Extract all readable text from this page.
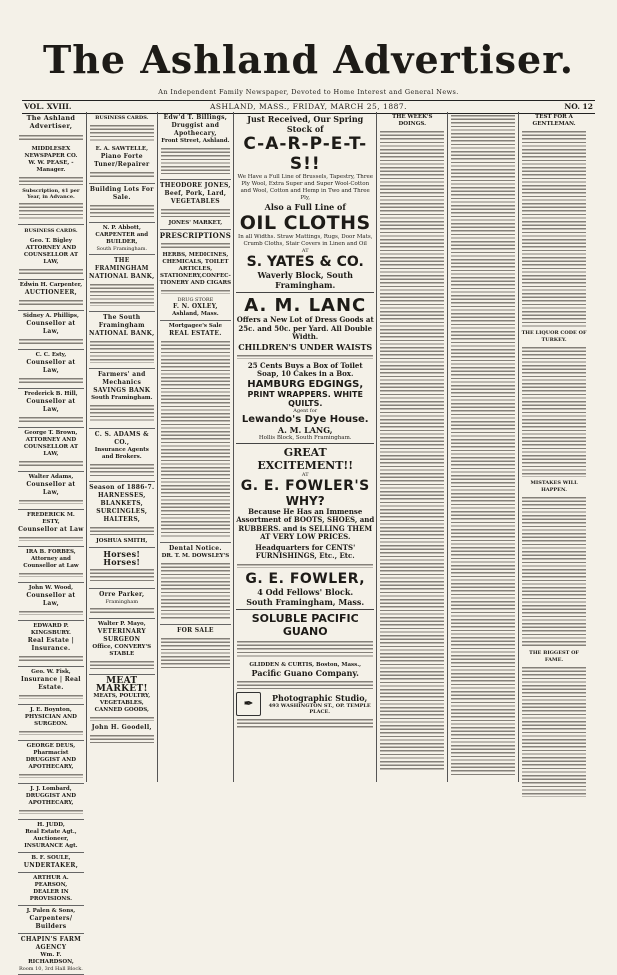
The Ashland Advertiser.
An Independent Family Newspaper, Devoted to Home Interest and General News.
VOL. XVIII.	ASHLAND, MASS., FRIDAY, MARCH 25, 1887.	NO. 12
The Ashland Advertiser,
MIDDLESEX NEWSPAPER CO.
W. W. PEASE, - Manager.
Subscription, $1 per Year, in Advance.
BUSINESS CARDS.
Geo. T. Bigley
ATTORNEY AND COUNSELLOR AT LAW,
Edwin H. Carpenter,
AUCTIONEER,
Sidney A. Phillips,
Counsellor at Law,
C. C. Esty,
Counsellor at Law,
Frederick B. Hill,
Counsellor at Law,
George T. Brown,
ATTORNEY AND COUNSELLOR AT LAW,
Walter Adams,
Counsellor at Law,
FREDERICK M. ESTY,
Counsellor at Law
IRA B. FORBES,
Attorney and Counsellor at Law
John W. Wood,
Counsellor at Law,
EDWARD P. KINGSBURY.
Real Estate | Insurance.
Geo. W. Fisk,
Insurance | Real Estate.
J. E. Boynton,
PHYSICIAN AND SURGEON.
GEORGE DEUS, Pharmacist
DRUGGIST AND APOTHECARY,
J. J. Lombard,
DRUGGIST AND APOTHECARY,
H. JUDD,
Real Estate Agt., Auctioneer,
INSURANCE Agt.
B. F. SOULE,
UNDERTAKER,
ARTHUR A. PEARSON,
DEALER IN PROVISIONS.
J. Palen & Sons,
Carpenters/ Builders
CHAPIN'S FARM AGENCY
Wm. F. RICHARDSON,
Room 10, 3rd Hall Block.
BUSINESS CARDS.
E. A. SAWTELLE,
Piano Forte Tuner/Repairer
Building Lots For Sale.
N. P. Abbott,
CARPENTER and BUILDER,
South Framingham.
THE FRAMINGHAM NATIONAL BANK,
The South Framingham NATIONAL BANK,
Farmers' and Mechanics SAVINGS BANK
South Framingham.
C. S. ADAMS & CO.,
Insurance Agents and Brokers.
Season of 1886-7.
HARNESSES, BLANKETS,
SURCINGLES, HALTERS,
JOSHUA SMITH,
Horses! Horses!
Orre Parker,
Framingham
Walter P. Mayo,
VETERINARY SURGEON
Office, CONVERY'S STABLE
MEAT MARKET!
MEATS, POULTRY,
VEGETABLES, CANNED GOODS,
John H. Goodell,
Edw'd T. Billings,
Druggist and Apothecary,
Front Street, Ashland.
THEODORE JONES,
Beef, Pork, Lard,
VEGETABLES
JONES' MARKET,
PRESCRIPTIONS
HERBS, MEDICINES, CHEMICALS, TOILET ARTICLES,
STATIONERY,CONFEC- TIONERY AND CIGARS
DRUG STORE
F. N. OXLEY,
Ashland, Mass.
Mortgagee's Sale
REAL ESTATE.
Dental Notice.
DR. T. M. DOWSLEY'S
FOR SALE
Just Received, Our Spring Stock of
C-A-R-P-E-T-S!!
We Have a Full Line of Brussels, Tapestry, Three Ply Wool, Extra Super and Super Wool-Cotton and Wool, Cotton and Hemp in Two and Three Ply,
Also a Full Line of
OIL CLOTHS
In all Widths. Straw Mattings, Rugs, Door Mats, Crumb Cloths, Stair Covers in Linen and Oil
AT
S. YATES & CO.
Waverly Block, South Framingham.
A. M. LANC
Offers a New Lot of Dress Goods at 25c. and 50c. per Yard. All Double Width.
CHILDREN'S UNDER WAISTS
25 Cents Buys a Box of Toilet Soap, 10 Cakes in a Box.
HAMBURG EDGINGS,
PRINT WRAPPERS. WHITE QUILTS.
Agent for
Lewando's Dye House.
A. M. LANG,
Hollis Block, South Framingham.
GREAT EXCITEMENT!!
AT
G. E. FOWLER'S
WHY?
Because He Has an Immense Assortment of BOOTS, SHOES, and RUBBERS. and is SELLING THEM AT VERY LOW PRICES.
Headquarters for CENTS' FURNISHINGS, Etc., Etc.
G. E. FOWLER,
4 Odd Fellows' Block.
South Framingham, Mass.
SOLUBLE PACIFIC GUANO
GLIDDEN & CURTIS, Boston, Mass.,
Pacific Guano Company.
✒	Photographic Studio,
493 WASHINGTON ST., OP. TEMPLE PLACE.
THE WEEK'S DOINGS.
TEST FOR A GENTLEMAN.
THE LIQUOR CODE OF TURKEY.
MISTAKES WILL HAPPEN.
THE BIGGEST OF FAME.
